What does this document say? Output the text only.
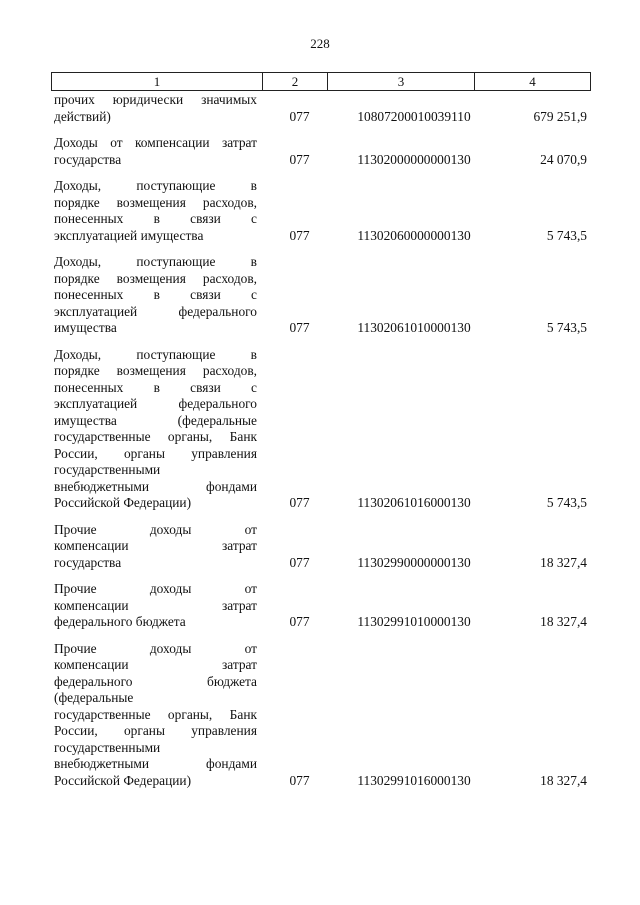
228
1	2	3	4
прочих юридически значимых
действий)	077	10807200010039110	679 251,9
Доходы от компенсации затрат
государства	077	11302000000000130	24 070,9
Доходы, поступающие в
порядке возмещения расходов,
понесенных в связи с
эксплуатацией имущества	077	11302060000000130	5 743,5
Доходы, поступающие в
порядке возмещения расходов,
понесенных в связи с
эксплуатацией федерального
имущества	077	11302061010000130	5 743,5
Доходы, поступающие в
порядке возмещения расходов,
понесенных в связи с
эксплуатацией федерального
имущества (федеральные
государственные органы, Банк
России, органы управления
государственными
внебюджетными фондами
Российской Федерации)	077	11302061016000130	5 743,5
Прочие доходы от
компенсации затрат
государства	077	11302990000000130	18 327,4
Прочие доходы от
компенсации затрат
федерального бюджета	077	11302991010000130	18 327,4
Прочие доходы от
компенсации затрат
федерального бюджета
(федеральные
государственные органы, Банк
России, органы управления
государственными
внебюджетными фондами
Российской Федерации)	077	11302991016000130	18 327,4
